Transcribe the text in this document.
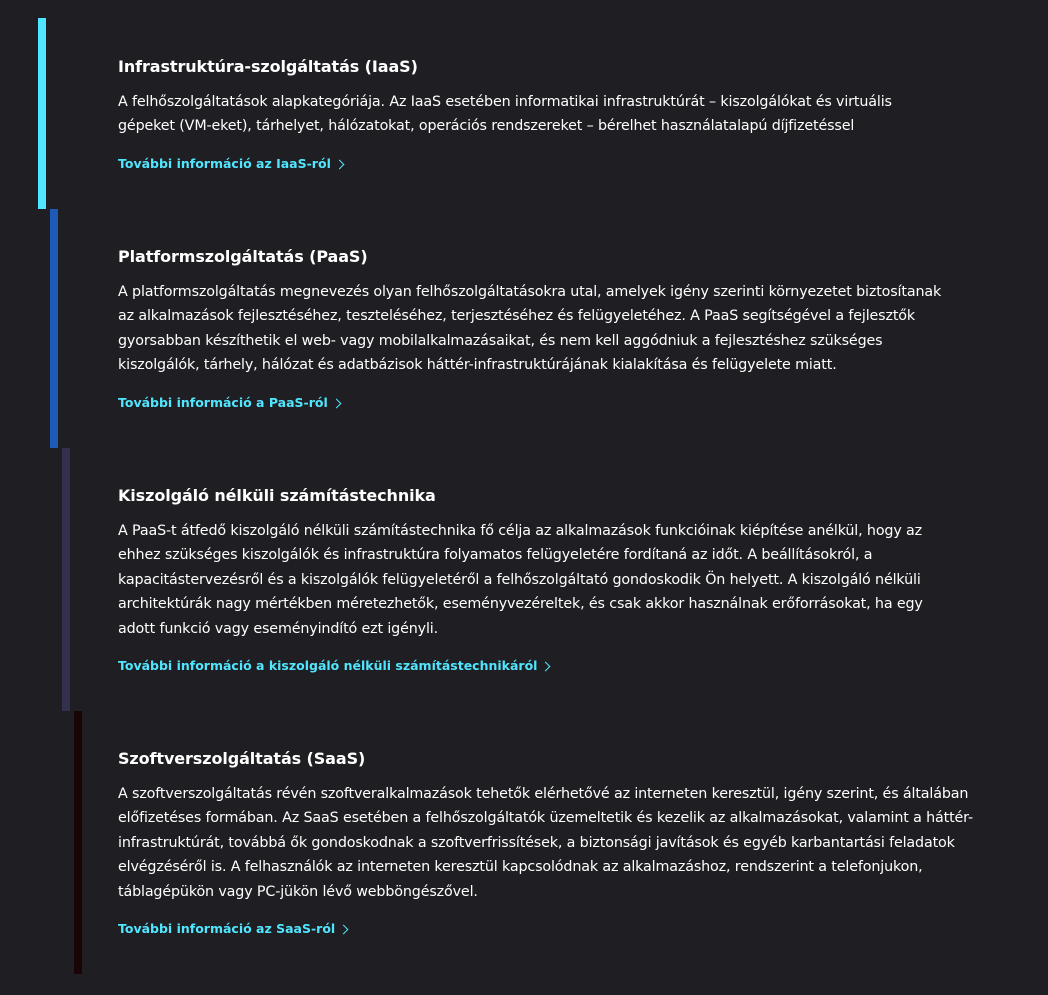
Infrastruktúra-szolgáltatás (IaaS)

A felhőszolgáltatások alapkategóriája. Az IaaS esetében informatikai infrastruktúrát – kiszolgálókat és virtuális gépeket (VM-eket), tárhelyet, hálózatokat, operációs rendszereket – bérelhet használatalapú díjfizetéssel

További információ az IaaS-ról
Platformszolgáltatás (PaaS)

A platformszolgáltatás megnevezés olyan felhőszolgáltatásokra utal, amelyek igény szerinti környezetet biztosítanak az alkalmazások fejlesztéséhez, teszteléséhez, terjesztéséhez és felügyeletéhez. A PaaS segítségével a fejlesztők gyorsabban készíthetik el web- vagy mobilalkalmazásaikat, és nem kell aggódniuk a fejlesztéshez szükséges kiszolgálók, tárhely, hálózat és adatbázisok háttér-infrastruktúrájának kialakítása és felügyelete miatt.

További információ a PaaS-ról
Kiszolgáló nélküli számítástechnika

A PaaS-t átfedő kiszolgáló nélküli számítástechnika fő célja az alkalmazások funkcióinak kiépítése anélkül, hogy az ehhez szükséges kiszolgálók és infrastruktúra folyamatos felügyeletére fordítaná az időt. A beállításokról, a kapacitástervezésről és a kiszolgálók felügyeletéről a felhőszolgáltató gondoskodik Ön helyett. A kiszolgáló nélküli architektúrák nagy mértékben méretezhetők, eseményvezéreltek, és csak akkor használnak erőforrásokat, ha egy adott funkció vagy eseményindító ezt igényli.

További információ a kiszolgáló nélküli számítástechnikáról
Szoftverszolgáltatás (SaaS)

A szoftverszolgáltatás révén szoftveralkalmazások tehetők elérhetővé az interneten keresztül, igény szerint, és általában előfizetéses formában. Az SaaS esetében a felhőszolgáltatók üzemeltetik és kezelik az alkalmazásokat, valamint a háttér-infrastruktúrát, továbbá ők gondoskodnak a szoftverfrissítések, a biztonsági javítások és egyéb karbantartási feladatok elvégzéséről is. A felhasználók az interneten keresztül kapcsolódnak az alkalmazáshoz, rendszerint a telefonjukon, táblagépükön vagy PC-jükön lévő webböngészővel.

További információ az SaaS-ról
